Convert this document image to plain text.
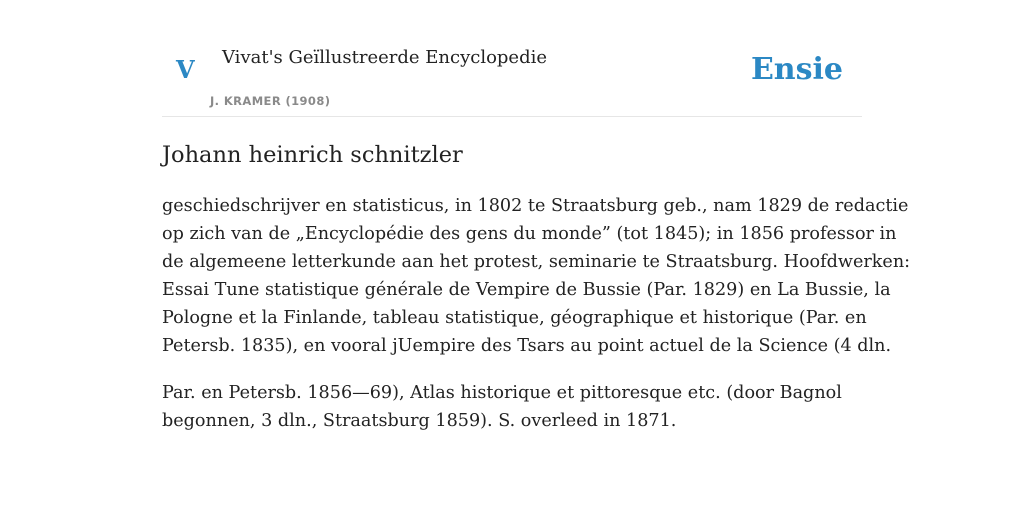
V Vivat's Geïllustreerde Encyclopedie
J. KRAMER (1908)
Ensie
Johann heinrich schnitzler

geschiedschrijver en statisticus, in 1802 te Straatsburg geb., nam 1829 de redactie
op zich van de „Encyclopédie des gens du monde” (tot 1845); in 1856 professor in
de algemeene letterkunde aan het protest, seminarie te Straatsburg. Hoofdwerken:
Essai Tune statistique générale de Vempire de Bussie (Par. 1829) en La Bussie, la
Pologne et la Finlande, tableau statistique, géographique et historique (Par. en
Petersb. 1835), en vooral jUempire des Tsars au point actuel de la Science (4 dln.

Par. en Petersb. 1856—69), Atlas historique et pittoresque etc. (door Bagnol
begonnen, 3 dln., Straatsburg 1859). S. overleed in 1871.
